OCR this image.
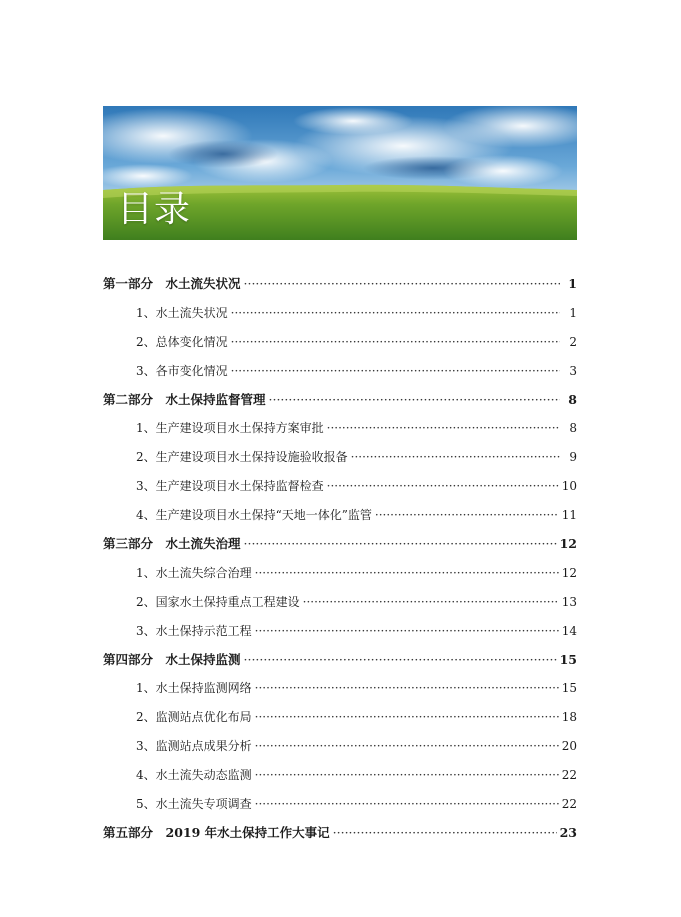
目录
第一部分　水土流失状况 ·····	1
1、水土流失状况 ·····	1
2、总体变化情况 ·····	2
3、各市变化情况 ·····	3
第二部分　水土保持监督管理 ·····	8
1、生产建设项目水土保持方案审批 ·····	8
2、生产建设项目水土保持设施验收报备 ·····	9
3、生产建设项目水土保持监督检查 ·····	10
4、生产建设项目水土保持“天地一体化”监管 ·····	11
第三部分　水土流失治理 ·····	12
1、水土流失综合治理 ·····	12
2、国家水土保持重点工程建设 ·····	13
3、水土保持示范工程 ·····	14
第四部分　水土保持监测 ·····	15
1、水土保持监测网络 ·····	15
2、监测站点优化布局 ·····	18
3、监测站点成果分析 ·····	20
4、水土流失动态监测 ·····	22
5、水土流失专项调查 ·····	22
第五部分　2019 年水土保持工作大事记 ·····	23
